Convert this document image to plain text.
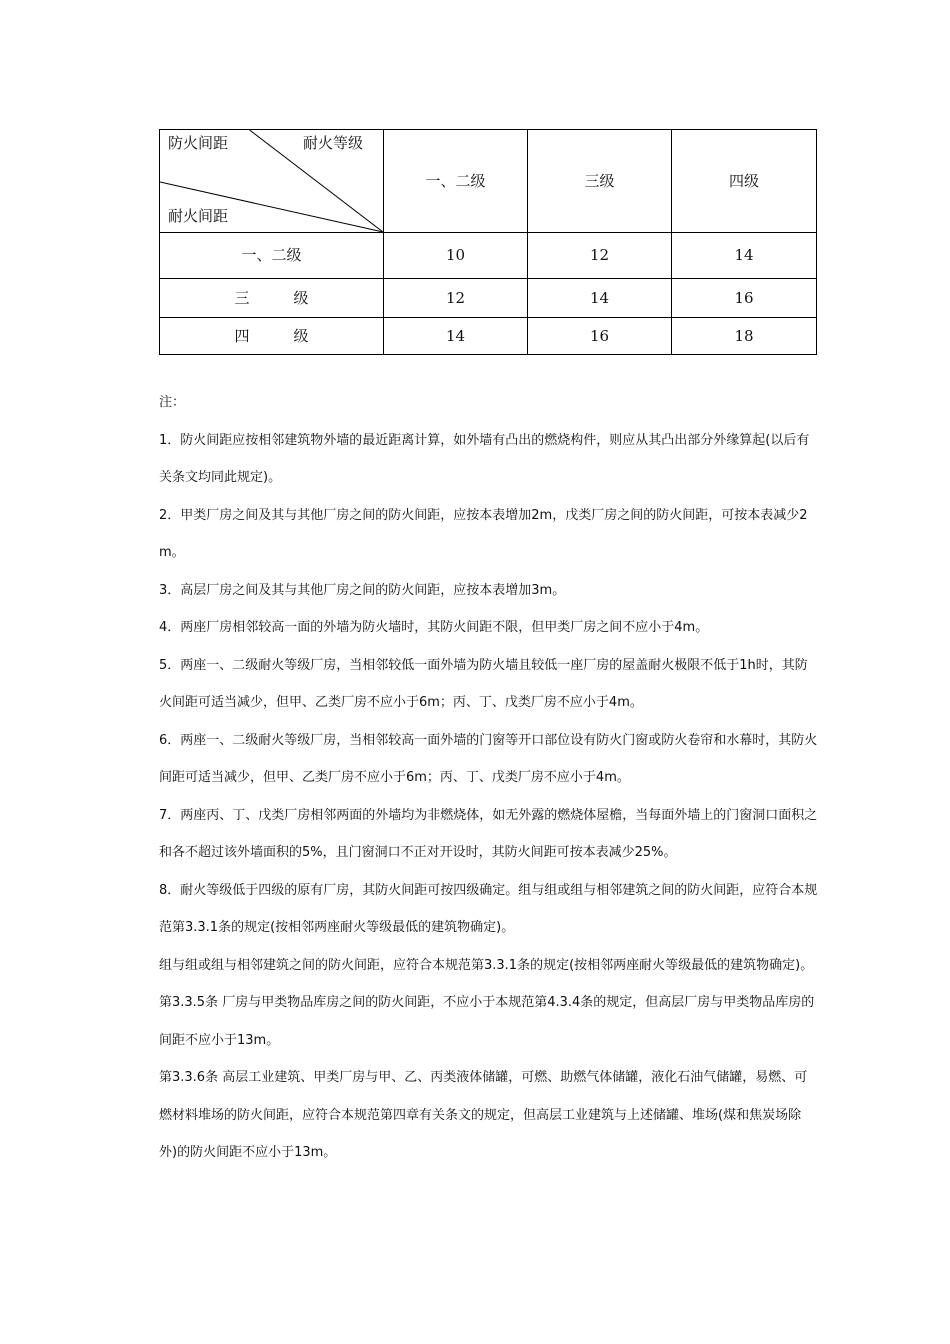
防火间距 耐火等级
耐火间距	一、二级	三级	四级
一、二级	10	12	14
三 级	12	14	16
四 级	14	16	18

注：

1．防火间距应按相邻建筑物外墙的最近距离计算，如外墙有凸出的燃烧构件，则应从其凸出部分外缘算起(以后有关条文均同此规定)。

2．甲类厂房之间及其与其他厂房之间的防火间距，应按本表增加2m，戊类厂房之间的防火间距，可按本表减少2m。

3．高层厂房之间及其与其他厂房之间的防火间距，应按本表增加3m。

4．两座厂房相邻较高一面的外墙为防火墙时，其防火间距不限，但甲类厂房之间不应小于4m。

5．两座一、二级耐火等级厂房，当相邻较低一面外墙为防火墙且较低一座厂房的屋盖耐火极限不低于1h时，其防火间距可适当减少，但甲、乙类厂房不应小于6m；丙、丁、戊类厂房不应小于4m。

6．两座一、二级耐火等级厂房，当相邻较高一面外墙的门窗等开口部位设有防火门窗或防火卷帘和水幕时，其防火间距可适当减少，但甲、乙类厂房不应小于6m；丙、丁、戊类厂房不应小于4m。

7．两座丙、丁、戊类厂房相邻两面的外墙均为非燃烧体，如无外露的燃烧体屋檐，当每面外墙上的门窗洞口面积之和各不超过该外墙面积的5%，且门窗洞口不正对开设时，其防火间距可按本表减少25%。

8．耐火等级低于四级的原有厂房，其防火间距可按四级确定。组与组或组与相邻建筑之间的防火间距，应符合本规范第3.3.1条的规定(按相邻两座耐火等级最低的建筑物确定)。

组与组或组与相邻建筑之间的防火间距，应符合本规范第3.3.1条的规定(按相邻两座耐火等级最低的建筑物确定)。

第3.3.5条 厂房与甲类物品库房之间的防火间距，不应小于本规范第4.3.4条的规定，但高层厂房与甲类物品库房的间距不应小于13m。

第3.3.6条 高层工业建筑、甲类厂房与甲、乙、丙类液体储罐，可燃、助燃气体储罐，液化石油气储罐，易燃、可燃材料堆场的防火间距，应符合本规范第四章有关条文的规定，但高层工业建筑与上述储罐、堆场(煤和焦炭场除外)的防火间距不应小于13m。
